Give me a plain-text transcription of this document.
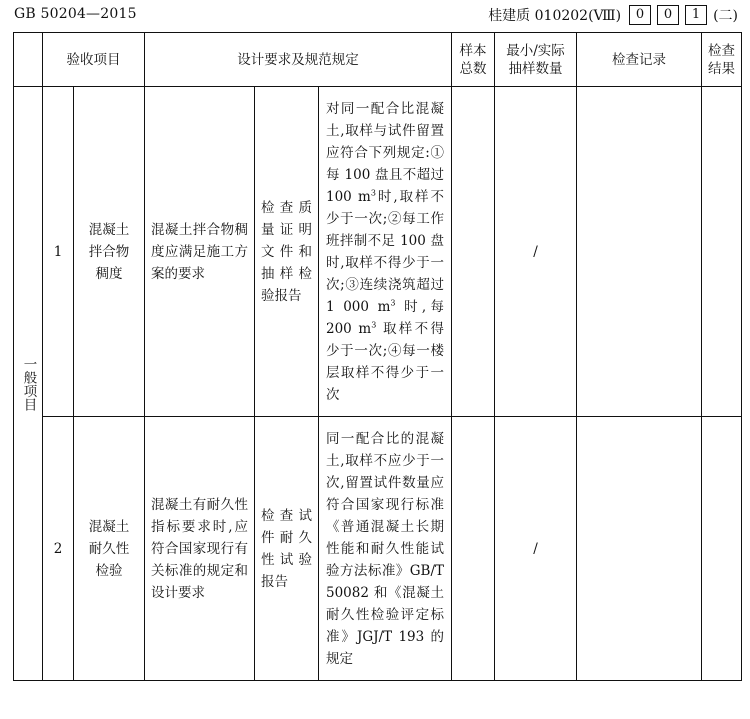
GB 50204—2015	桂建质 010202(Ⅷ)	0	0	1 (二)
	验收项目		设计要求及规范规定			样本总数	最小/实际抽样数量	检查记录	检查结果

一般项目	1	混凝土拌合物稠度	混凝土拌合物稠度应满足施工方案的要求	检查质量证明文件和抽样检验报告	对同一配合比混凝土,取样与试件留置应符合下列规定:①每 100 盘且不超过 100 $m^3$时,取样不少于一次;②每工作班拌制不足 100 盘时,取样不得少于一次;③连续浇筑超过 1 000 $m^3$ 时,每200 $m^3$ 取样不得少于一次;④每一楼层取样不得少于一次		/		
	2	混凝土耐久性检验	混凝土有耐久性指标要求时,应符合国家现行有关标准的规定和设计要求	检查试件耐久性试验报告	同一配合比的混凝土,取样不应少于一次,留置试件数量应符合国家现行标准《普通混凝土长期性能和耐久性能试验方法标准》GB/T 50082 和《混凝土耐久性检验评定标准》JGJ/T 193 的规定		/		
